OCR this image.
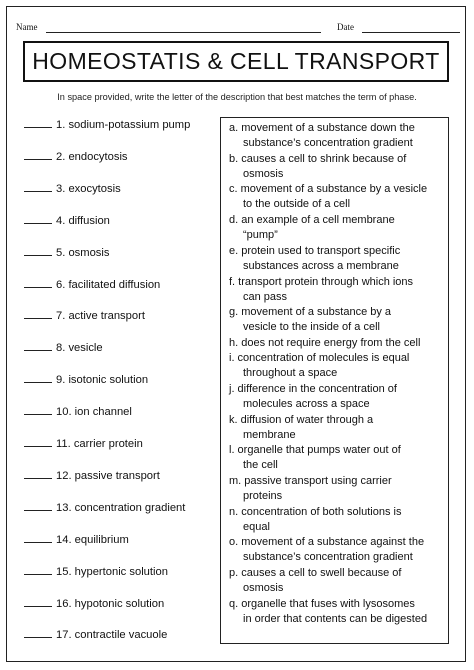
Name	Date
HOMEOSTATIS & CELL TRANSPORT
In space provided, write the letter of the description that best matches the term of phase.
1. sodium-potassium pump
2. endocytosis
3. exocytosis
4. diffusion
5. osmosis
6. facilitated diffusion
7. active transport
8. vesicle
9. isotonic solution
10. ion channel
11. carrier protein
12. passive transport
13. concentration gradient
14. equilibrium
15. hypertonic solution
16. hypotonic solution
17. contractile vacuole
a. movement of a substance down the
substance’s concentration gradient
b. causes a cell to shrink because of
osmosis
c. movement of a substance by a vesicle
to the outside of a cell
d. an example of a cell membrane
“pump”
e. protein used to transport specific
substances across a membrane
f. transport protein through which ions
can pass
g. movement of a substance by a
vesicle to the inside of a cell
h. does not require energy from the cell
i. concentration of molecules is equal
throughout a space
j. difference in the concentration of
molecules across a space
k. diffusion of water through a
membrane
l. organelle that pumps water out of
the cell
m. passive transport using carrier
proteins
n. concentration of both solutions is
equal
o. movement of a substance against the
substance’s concentration gradient
p. causes a cell to swell because of
osmosis
q. organelle that fuses with lysosomes
in order that contents can be digested
